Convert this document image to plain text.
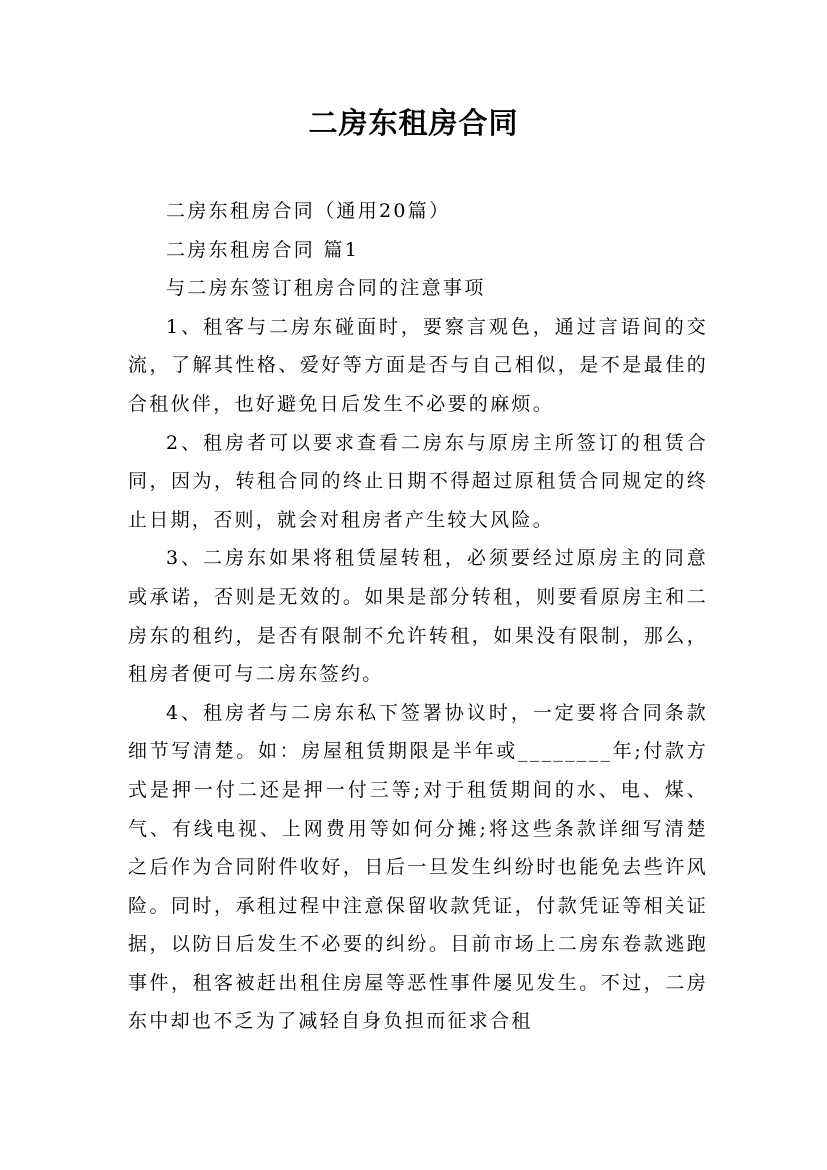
二房东租房合同

二房东租房合同（通用20篇）

二房东租房合同 篇1

与二房东签订租房合同的注意事项

1、租客与二房东碰面时，要察言观色，通过言语间的交流，了解其性格、爱好等方面是否与自己相似，是不是最佳的合租伙伴，也好避免日后发生不必要的麻烦。

2、租房者可以要求查看二房东与原房主所签订的租赁合同，因为，转租合同的终止日期不得超过原租赁合同规定的终止日期，否则，就会对租房者产生较大风险。

3、二房东如果将租赁屋转租，必须要经过原房主的同意或承诺，否则是无效的。如果是部分转租，则要看原房主和二房东的租约，是否有限制不允许转租，如果没有限制，那么，租房者便可与二房东签约。

4、租房者与二房东私下签署协议时，一定要将合同条款细节写清楚。如：房屋租赁期限是半年或________年;付款方式是押一付二还是押一付三等;对于租赁期间的水、电、煤、气、有线电视、上网费用等如何分摊;将这些条款详细写清楚之后作为合同附件收好，日后一旦发生纠纷时也能免去些许风险。同时，承租过程中注意保留收款凭证，付款凭证等相关证据，以防日后发生不必要的纠纷。目前市场上二房东卷款逃跑事件，租客被赶出租住房屋等恶性事件屡见发生。不过，二房东中却也不乏为了减轻自身负担而征求合租
